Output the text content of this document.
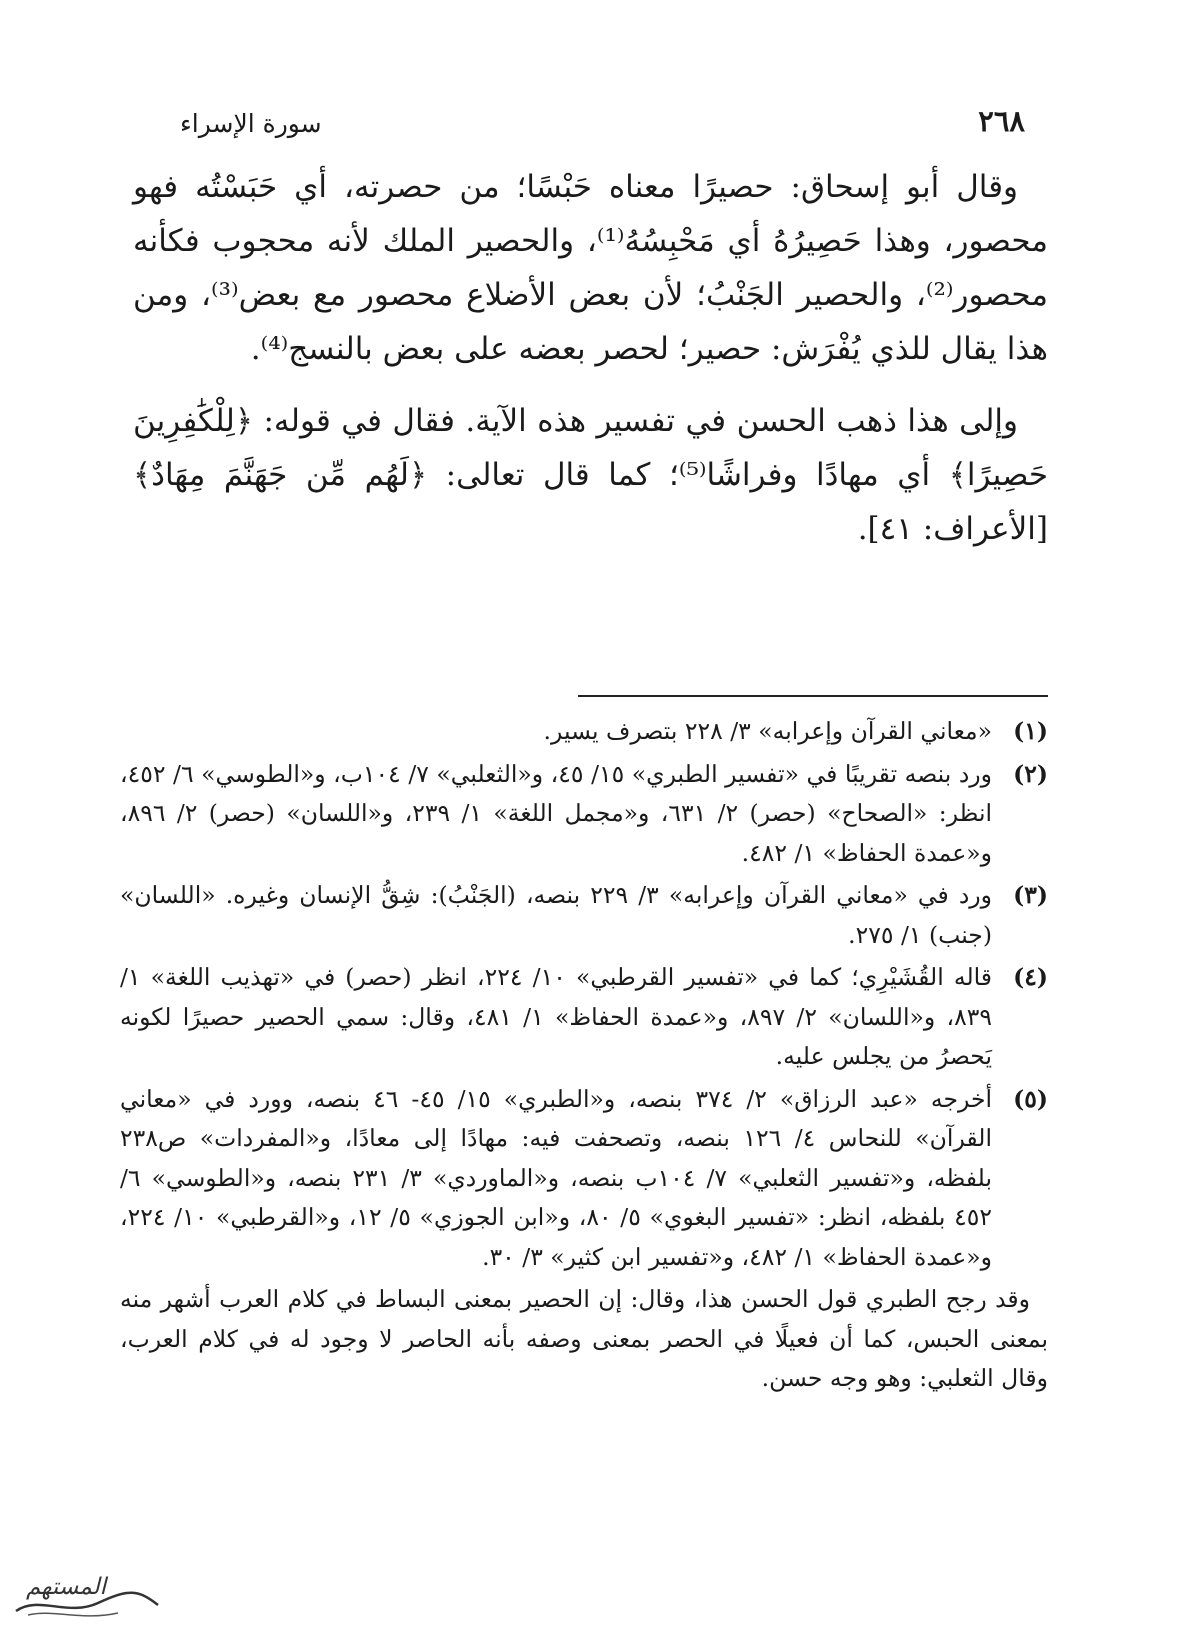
٢٦٨
سورة الإسراء

وقال أبو إسحاق: حصيرًا معناه حَبْسًا؛ من حصرته، أي حَبَسْتُه فهو محصور، وهذا حَصِيرُهُ أي مَحْبِسُهُ⁽¹⁾، والحصير الملك لأنه محجوب فكأنه محصور⁽²⁾، والحصير الجَنْبُ؛ لأن بعض الأضلاع محصور مع بعض⁽³⁾، ومن هذا يقال للذي يُفْرَش: حصير؛ لحصر بعضه على بعض بالنسج⁽⁴⁾.

وإلى هذا ذهب الحسن في تفسير هذه الآية. فقال في قوله: ﴿لِلْكَٰفِرِينَ حَصِيرًا﴾ أي مهادًا وفراشًا⁽⁵⁾؛ كما قال تعالى: ﴿لَهُم مِّن جَهَنَّمَ مِهَادٌ﴾ [الأعراف: ٤١].

(١)
«معاني القرآن وإعرابه» ٣/ ٢٢٨ بتصرف يسير.
(٢)
ورد بنصه تقريبًا في «تفسير الطبري» ١٥/ ٤٥، و«الثعلبي» ٧/ ١٠٤ب، و«الطوسي» ٦/ ٤٥٢، انظر: «الصحاح» (حصر) ٢/ ٦٣١، و«مجمل اللغة» ١/ ٢٣٩، و«اللسان» (حصر) ٢/ ٨٩٦، و«عمدة الحفاظ» ١/ ٤٨٢.
(٣)
ورد في «معاني القرآن وإعرابه» ٣/ ٢٢٩ بنصه، (الجَنْبُ): شِقُّ الإنسان وغيره. «اللسان» (جنب) ١/ ٢٧٥.
(٤)
قاله القُشَيْرِي؛ كما في «تفسير القرطبي» ١٠/ ٢٢٤، انظر (حصر) في «تهذيب اللغة» ١/ ٨٣٩، و«اللسان» ٢/ ٨٩٧، و«عمدة الحفاظ» ١/ ٤٨١، وقال: سمي الحصير حصيرًا لكونه يَحصرُ من يجلس عليه.
(٥)
أخرجه «عبد الرزاق» ٢/ ٣٧٤ بنصه، و«الطبري» ١٥/ ٤٥- ٤٦ بنصه، وورد في «معاني القرآن» للنحاس ٤/ ١٢٦ بنصه، وتصحفت فيه: مهادًا إلى معادًا، و«المفردات» ص٢٣٨ بلفظه، و«تفسير الثعلبي» ٧/ ١٠٤ب بنصه، و«الماوردي» ٣/ ٢٣١ بنصه، و«الطوسي» ٦/ ٤٥٢ بلفظه، انظر: «تفسير البغوي» ٥/ ٨٠، و«ابن الجوزي» ٥/ ١٢، و«القرطبي» ١٠/ ٢٢٤، و«عمدة الحفاظ» ١/ ٤٨٢، و«تفسير ابن كثير» ٣/ ٣٠.
وقد رجح الطبري قول الحسن هذا، وقال: إن الحصير بمعنى البساط في كلام العرب أشهر منه بمعنى الحبس، كما أن فعيلًا في الحصر بمعنى وصفه بأنه الحاصر لا وجود له في كلام العرب، وقال الثعلبي: وهو وجه حسن.
المستهم
